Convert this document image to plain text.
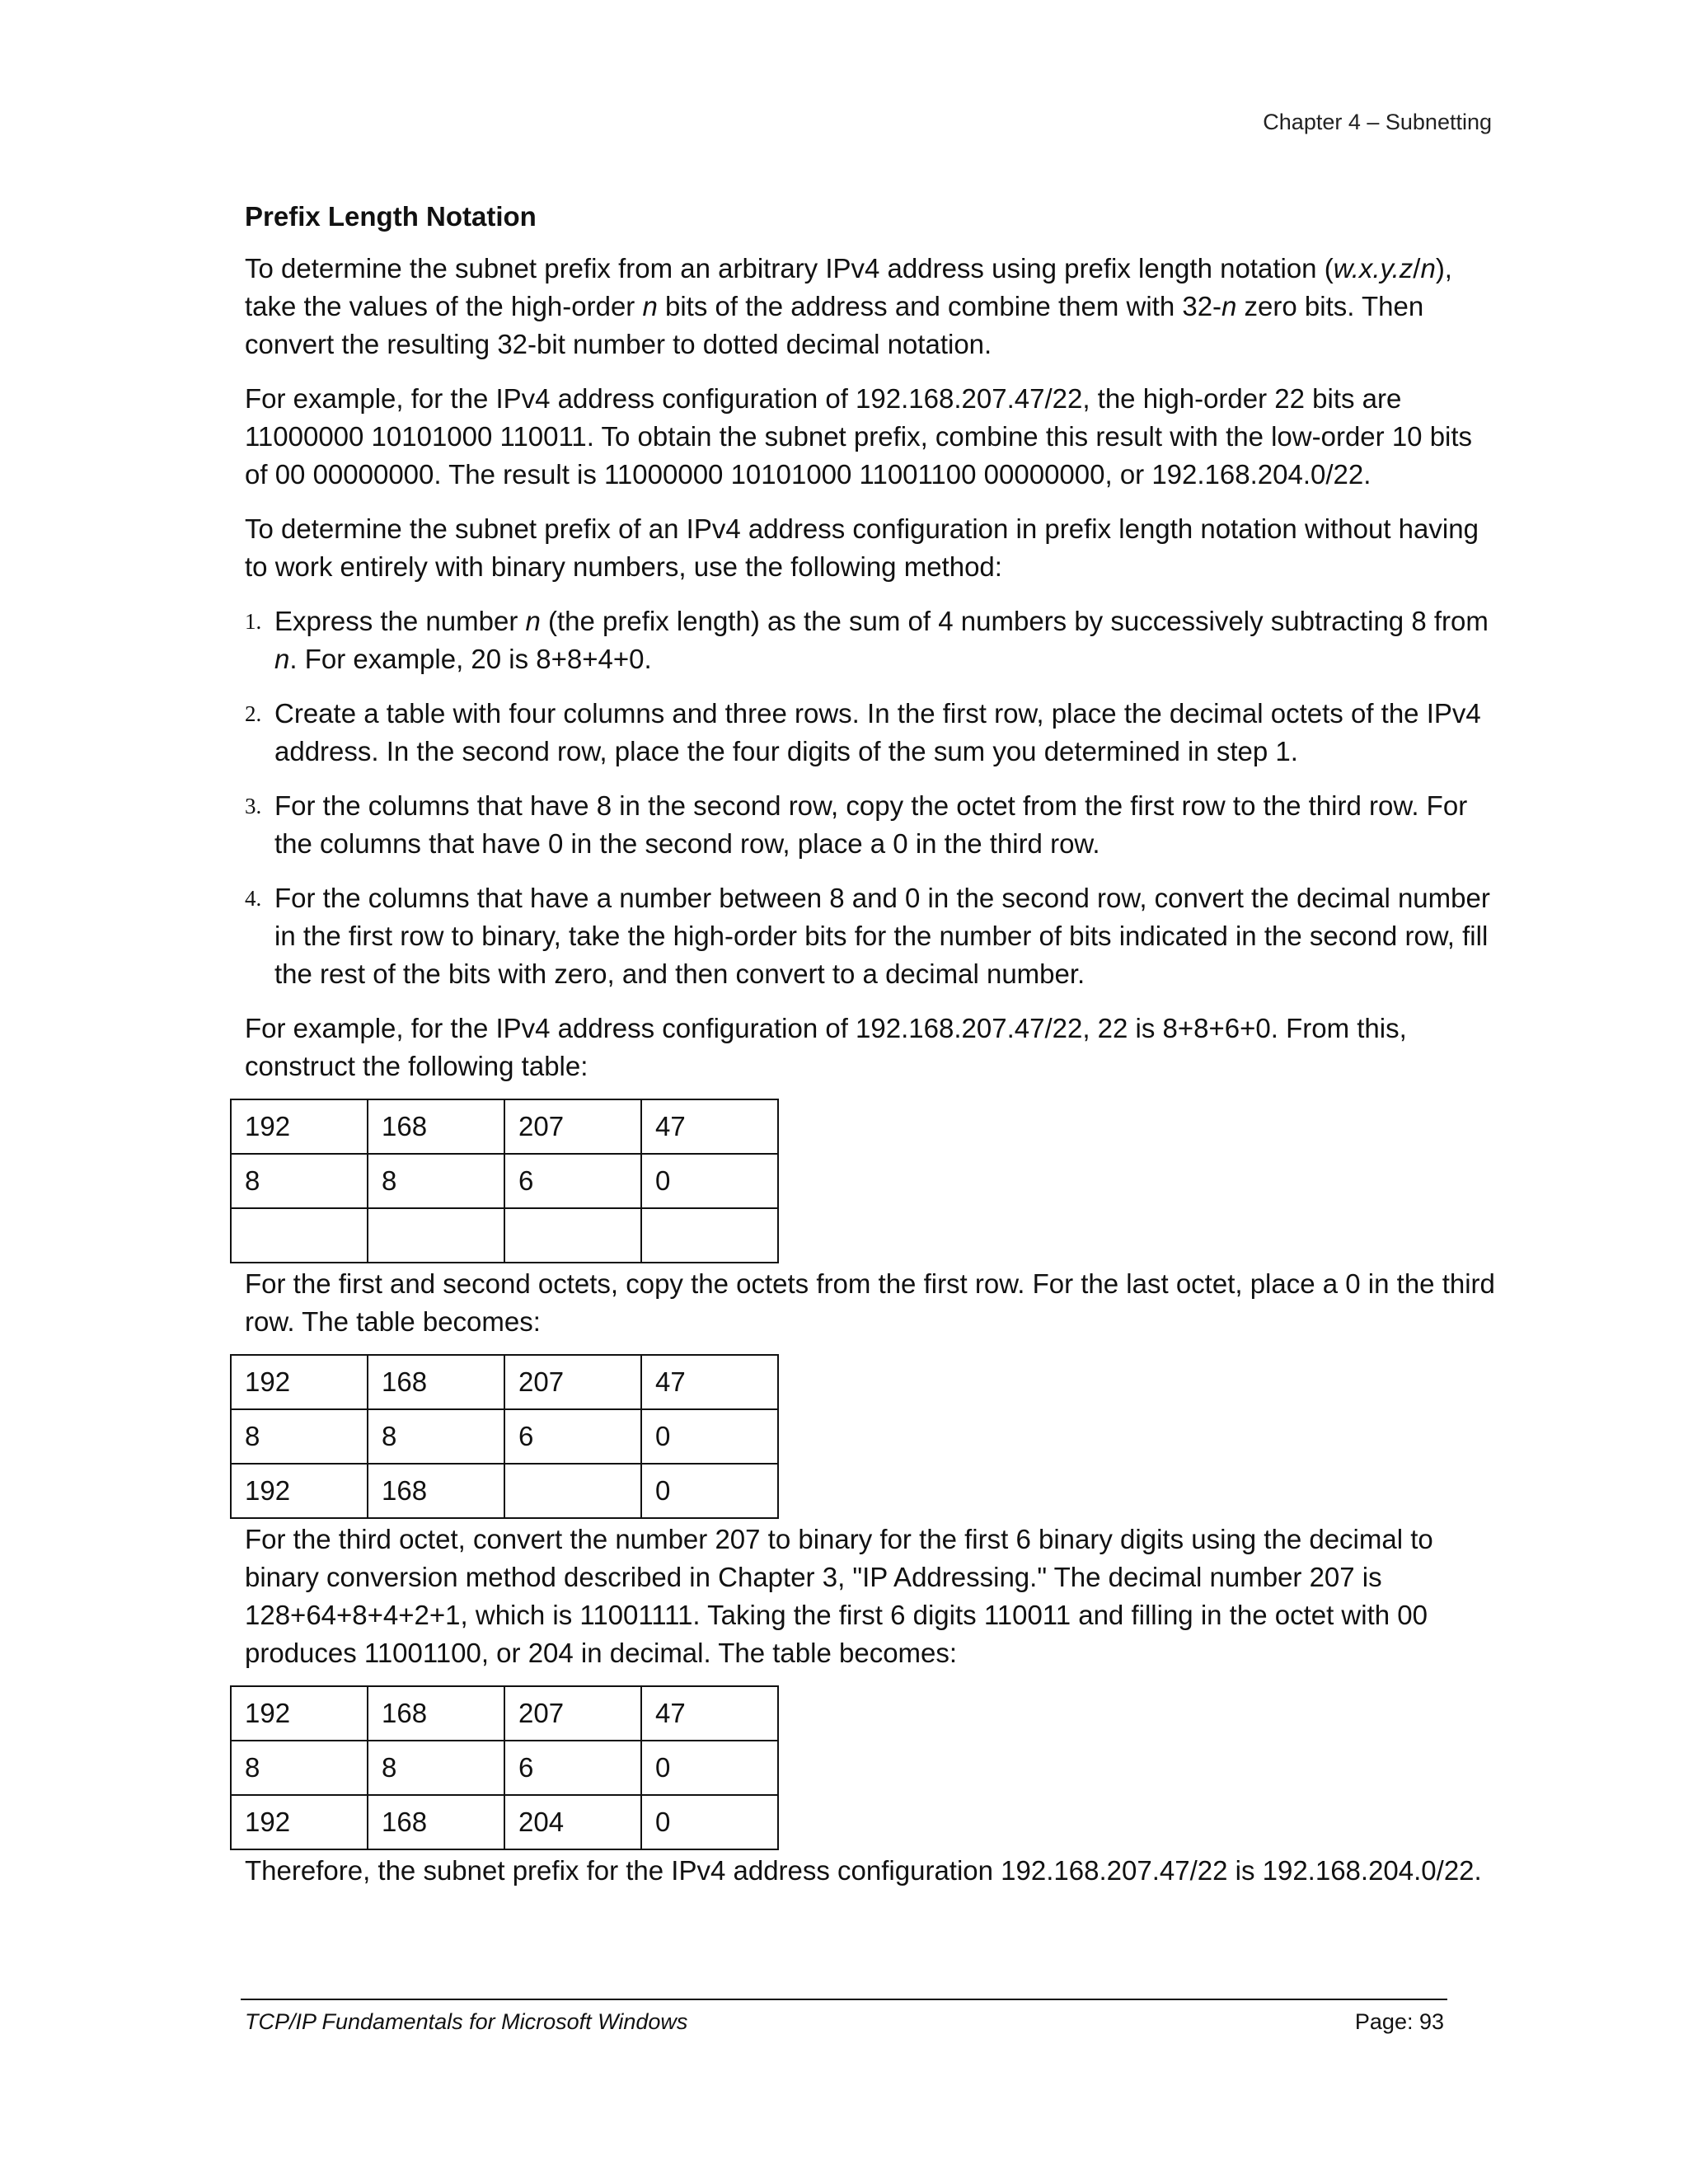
Chapter 4 – Subnetting
Prefix Length Notation

To determine the subnet prefix from an arbitrary IPv4 address using prefix length notation (w.x.y.z/n), take the values of the high-order n bits of the address and combine them with 32-n zero bits. Then convert the resulting 32-bit number to dotted decimal notation.

For example, for the IPv4 address configuration of 192.168.207.47/22, the high-order 22 bits are 11000000 10101000 110011. To obtain the subnet prefix, combine this result with the low-order 10 bits of 00 00000000. The result is 11000000 10101000 11001100 00000000, or 192.168.204.0/22.

To determine the subnet prefix of an IPv4 address configuration in prefix length notation without having to work entirely with binary numbers, use the following method:

1. Express the number n (the prefix length) as the sum of 4 numbers by successively subtracting 8 from n. For example, 20 is 8+8+4+0.
2. Create a table with four columns and three rows. In the first row, place the decimal octets of the IPv4 address. In the second row, place the four digits of the sum you determined in step 1.
3. For the columns that have 8 in the second row, copy the octet from the first row to the third row. For the columns that have 0 in the second row, place a 0 in the third row.
4. For the columns that have a number between 8 and 0 in the second row, convert the decimal number in the first row to binary, take the high-order bits for the number of bits indicated in the second row, fill the rest of the bits with zero, and then convert to a decimal number.

For example, for the IPv4 address configuration of 192.168.207.47/22, 22 is 8+8+6+0. From this, construct the following table:

192	168	207	47
8	8	6	0

For the first and second octets, copy the octets from the first row. For the last octet, place a 0 in the third row. The table becomes:

192	168	207	47
8	8	6	0
192	168		0

For the third octet, convert the number 207 to binary for the first 6 binary digits using the decimal to binary conversion method described in Chapter 3, "IP Addressing." The decimal number 207 is 128+64+8+4+2+1, which is 11001111. Taking the first 6 digits 110011 and filling in the octet with 00 produces 11001100, or 204 in decimal. The table becomes:

192	168	207	47
8	8	6	0
192	168	204	0

Therefore, the subnet prefix for the IPv4 address configuration 192.168.207.47/22 is 192.168.204.0/22.

TCP/IP Fundamentals for Microsoft Windows	Page: 93
